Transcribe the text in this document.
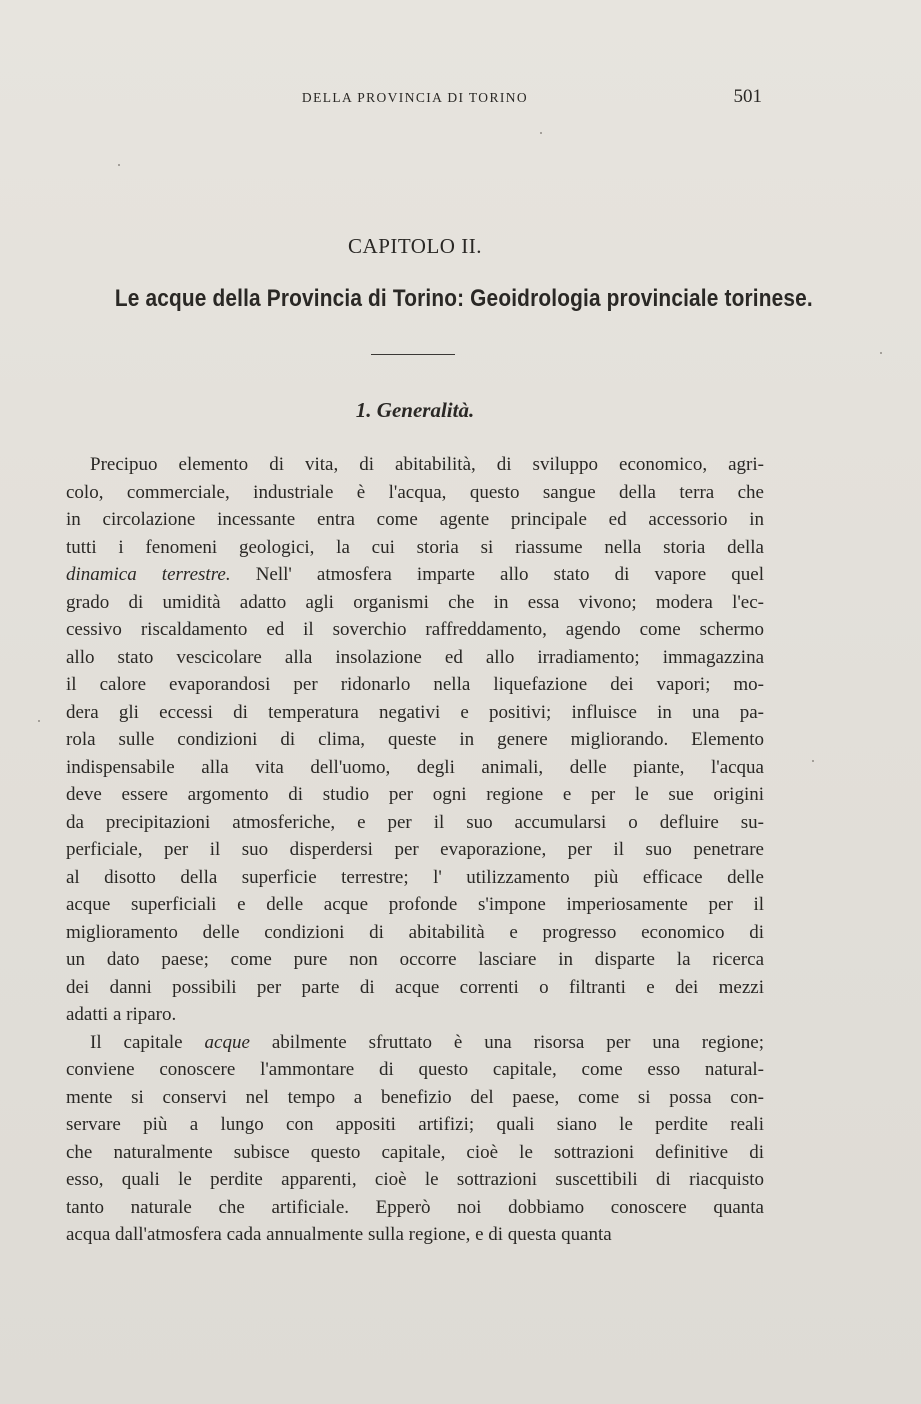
DELLA PROVINCIA DI TORINO	501
CAPITOLO II.
Le acque della Provincia di Torino: Geoidrologia provinciale torinese.
1. Generalità.
Precipuo elemento di vita, di abitabilità, di sviluppo economico, agri-
colo, commerciale, industriale è l'acqua, questo sangue della terra che
in circolazione incessante entra come agente principale ed accessorio in
tutti i fenomeni geologici, la cui storia si riassume nella storia della
dinamica terrestre. Nell' atmosfera imparte allo stato di vapore quel
grado di umidità adatto agli organismi che in essa vivono; modera l'ec-
cessivo riscaldamento ed il soverchio raffreddamento, agendo come schermo
allo stato vescicolare alla insolazione ed allo irradiamento; immagazzina
il calore evaporandosi per ridonarlo nella liquefazione dei vapori; mo-
dera gli eccessi di temperatura negativi e positivi; influisce in una pa-
rola sulle condizioni di clima, queste in genere migliorando. Elemento
indispensabile alla vita dell'uomo, degli animali, delle piante, l'acqua
deve essere argomento di studio per ogni regione e per le sue origini
da precipitazioni atmosferiche, e per il suo accumularsi o defluire su-
perficiale, per il suo disperdersi per evaporazione, per il suo penetrare
al disotto della superficie terrestre; l' utilizzamento più efficace delle
acque superficiali e delle acque profonde s'impone imperiosamente per il
miglioramento delle condizioni di abitabilità e progresso economico di
un dato paese; come pure non occorre lasciare in disparte la ricerca
dei danni possibili per parte di acque correnti o filtranti e dei mezzi
adatti a riparo.
Il capitale acque abilmente sfruttato è una risorsa per una regione;
conviene conoscere l'ammontare di questo capitale, come esso natural-
mente si conservi nel tempo a benefizio del paese, come si possa con-
servare più a lungo con appositi artifizi; quali siano le perdite reali
che naturalmente subisce questo capitale, cioè le sottrazioni definitive di
esso, quali le perdite apparenti, cioè le sottrazioni suscettibili di riacquisto
tanto naturale che artificiale. Epperò noi dobbiamo conoscere quanta
acqua dall'atmosfera cada annualmente sulla regione, e di questa quanta
